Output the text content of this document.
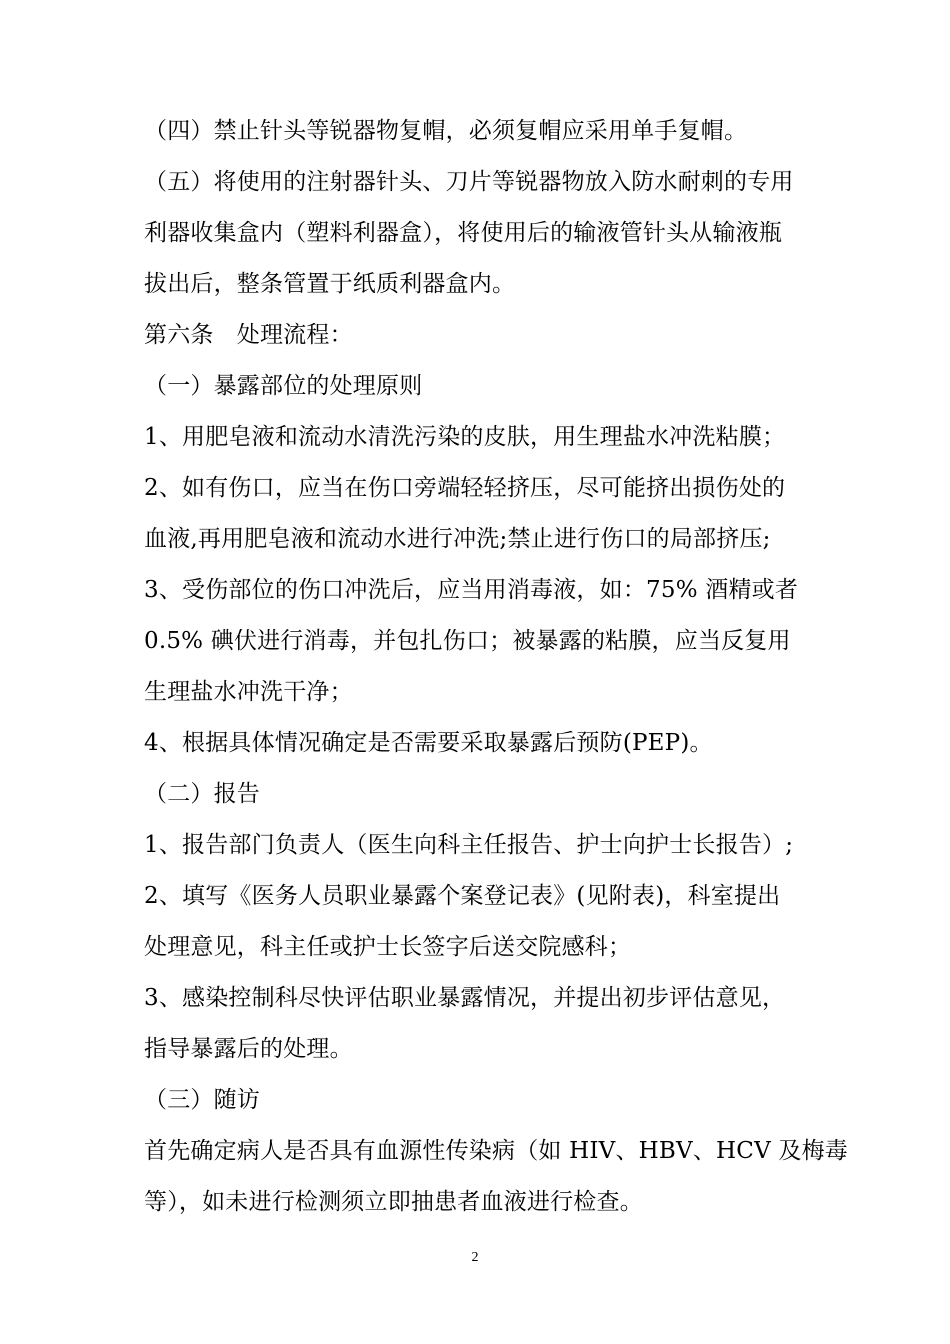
（四）禁止针头等锐器物复帽，必须复帽应采用单手复帽。
（五）将使用的注射器针头、刀片等锐器物放入防水耐刺的专用
利器收集盒内（塑料利器盒），将使用后的输液管针头从输液瓶
拔出后，整条管置于纸质利器盒内。
第六条　处理流程：
（一）暴露部位的处理原则
1、用肥皂液和流动水清洗污染的皮肤，用生理盐水冲洗粘膜；
2、如有伤口，应当在伤口旁端轻轻挤压，尽可能挤出损伤处的
血液,再用肥皂液和流动水进行冲洗;禁止进行伤口的局部挤压;
3、受伤部位的伤口冲洗后，应当用消毒液，如：75% 酒精或者
0.5% 碘伏进行消毒，并包扎伤口；被暴露的粘膜，应当反复用
生理盐水冲洗干净；
4、根据具体情况确定是否需要采取暴露后预防(PEP)。
（二）报告
1、报告部门负责人（医生向科主任报告、护士向护士长报告）;
2、填写《医务人员职业暴露个案登记表》(见附表)，科室提出
处理意见，科主任或护士长签字后送交院感科；
3、感染控制科尽快评估职业暴露情况，并提出初步评估意见，
指导暴露后的处理。
（三）随访
首先确定病人是否具有血源性传染病（如 HIV、HBV、HCV 及梅毒
等），如未进行检测须立即抽患者血液进行检查。
2
